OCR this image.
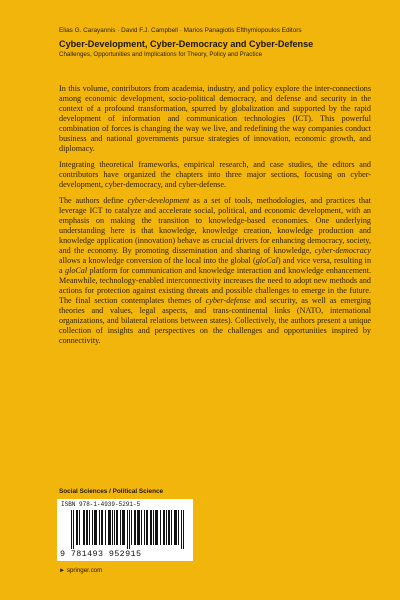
Elias G. Carayannis · David F.J. Campbell · Marios Panagiotis Efthymiopoulos Editors
Cyber-Development, Cyber-Democracy and Cyber-Defense
Challenges, Opportunities and Implications for Theory, Policy and Practice

In this volume, contributors from academia, industry, and policy explore the inter-connections among economic development, socio-political democracy, and defense and security in the context of a profound transformation, spurred by globalization and supported by the rapid development of information and communication technologies (ICT). This powerful combination of forces is changing the way we live, and redefining the way companies conduct business and national governments pursue strategies of innovation, economic growth, and diplomacy.

Integrating theoretical frameworks, empirical research, and case studies, the editors and contributors have organized the chapters into three major sections, focusing on cyber-development, cyber-democracy, and cyber-defense.

The authors define cyber-development as a set of tools, methodologies, and practices that leverage ICT to catalyze and accelerate social, political, and economic development, with an emphasis on making the transition to knowledge-based economies. One underlying understanding here is that knowledge, knowledge creation, knowledge production and knowledge application (innovation) behave as crucial drivers for enhancing democracy, society, and the economy. By promoting dissemination and sharing of knowledge, cyber-democracy allows a knowledge conversion of the local into the global (gloCal) and vice versa, resulting in a gloCal platform for communication and knowledge interaction and knowledge enhancement. Meanwhile, technology-enabled interconnectivity increases the need to adopt new methods and actions for protection against existing threats and possible challenges to emerge in the future. The final section contemplates themes of cyber-defense and security, as well as emerging theories and values, legal aspects, and trans-continental links (NATO, international organizations, and bilateral relations between states). Collectively, the authors present a unique collection of insights and perspectives on the challenges and opportunities inspired by connectivity.

Social Sciences / Political Science
ISBN 978-1-4939-5291-5
9 781493 952915
► springer.com
